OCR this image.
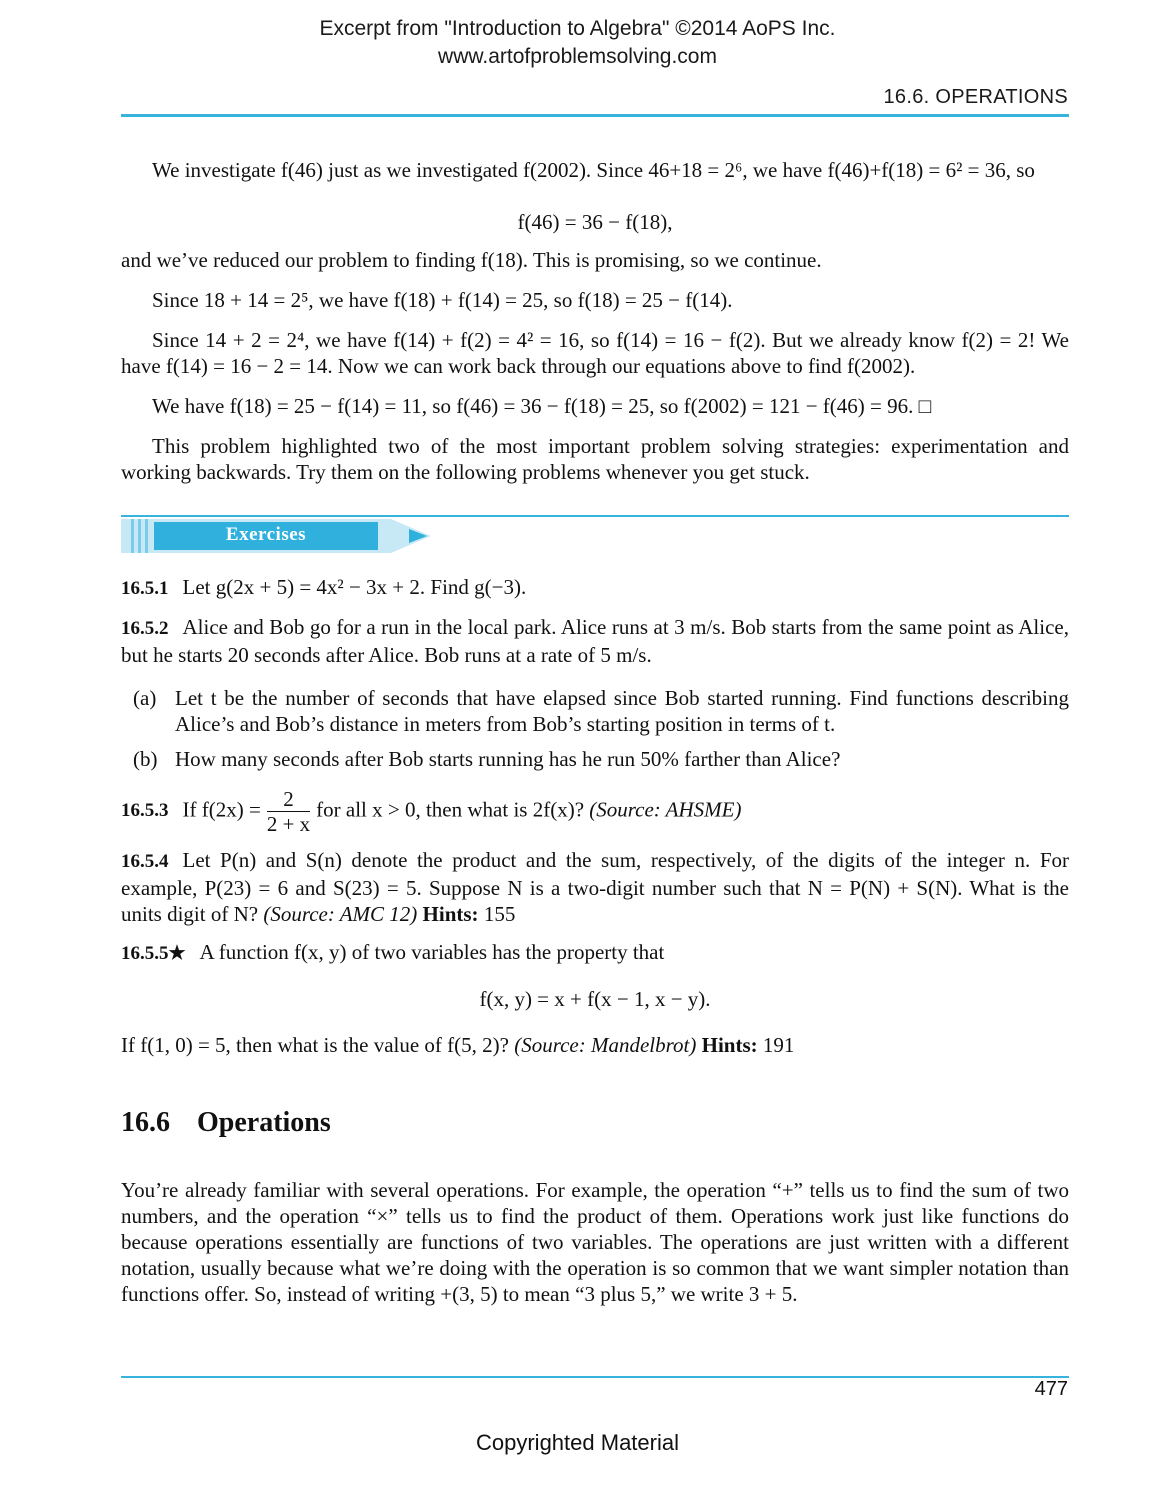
Excerpt from "Introduction to Algebra" ©2014 AoPS Inc.
www.artofproblemsolving.com
16.6. OPERATIONS
We investigate f(46) just as we investigated f(2002). Since 46+18 = 2⁶, we have f(46)+f(18) = 6² = 36, so
f(46) = 36 − f(18),
and we’ve reduced our problem to finding f(18). This is promising, so we continue.
Since 18 + 14 = 2⁵, we have f(18) + f(14) = 25, so f(18) = 25 − f(14).
Since 14 + 2 = 2⁴, we have f(14) + f(2) = 4² = 16, so f(14) = 16 − f(2). But we already know f(2) = 2! We have f(14) = 16 − 2 = 14. Now we can work back through our equations above to find f(2002).
We have f(18) = 25 − f(14) = 11, so f(46) = 36 − f(18) = 25, so f(2002) = 121 − f(46) = 96. □
This problem highlighted two of the most important problem solving strategies: experimentation and working backwards. Try them on the following problems whenever you get stuck.
Exercises
16.5.1 Let g(2x + 5) = 4x² − 3x + 2. Find g(−3).
16.5.2 Alice and Bob go for a run in the local park. Alice runs at 3 m/s. Bob starts from the same point as Alice, but he starts 20 seconds after Alice. Bob runs at a rate of 5 m/s.
(a) Let t be the number of seconds that have elapsed since Bob started running. Find functions describing Alice’s and Bob’s distance in meters from Bob’s starting position in terms of t.
(b) How many seconds after Bob starts running has he run 50% farther than Alice?
16.5.3 If $f(2x) = \frac{2}{2 + x}$ for all x > 0, then what is 2f(x)? (Source: AHSME)
16.5.4 Let P(n) and S(n) denote the product and the sum, respectively, of the digits of the integer n. For example, P(23) = 6 and S(23) = 5. Suppose N is a two-digit number such that N = P(N) + S(N). What is the units digit of N? (Source: AMC 12) Hints: 155
16.5.5★ A function f(x, y) of two variables has the property that
f(x, y) = x + f(x − 1, x − y).
If f(1, 0) = 5, then what is the value of f(5, 2)? (Source: Mandelbrot) Hints: 191
16.6 Operations
You’re already familiar with several operations. For example, the operation “+” tells us to find the sum of two numbers, and the operation “×” tells us to find the product of them. Operations work just like functions do because operations essentially are functions of two variables. The operations are just written with a different notation, usually because what we’re doing with the operation is so common that we want simpler notation than functions offer. So, instead of writing +(3, 5) to mean “3 plus 5,” we write 3 + 5.
477
Copyrighted Material
